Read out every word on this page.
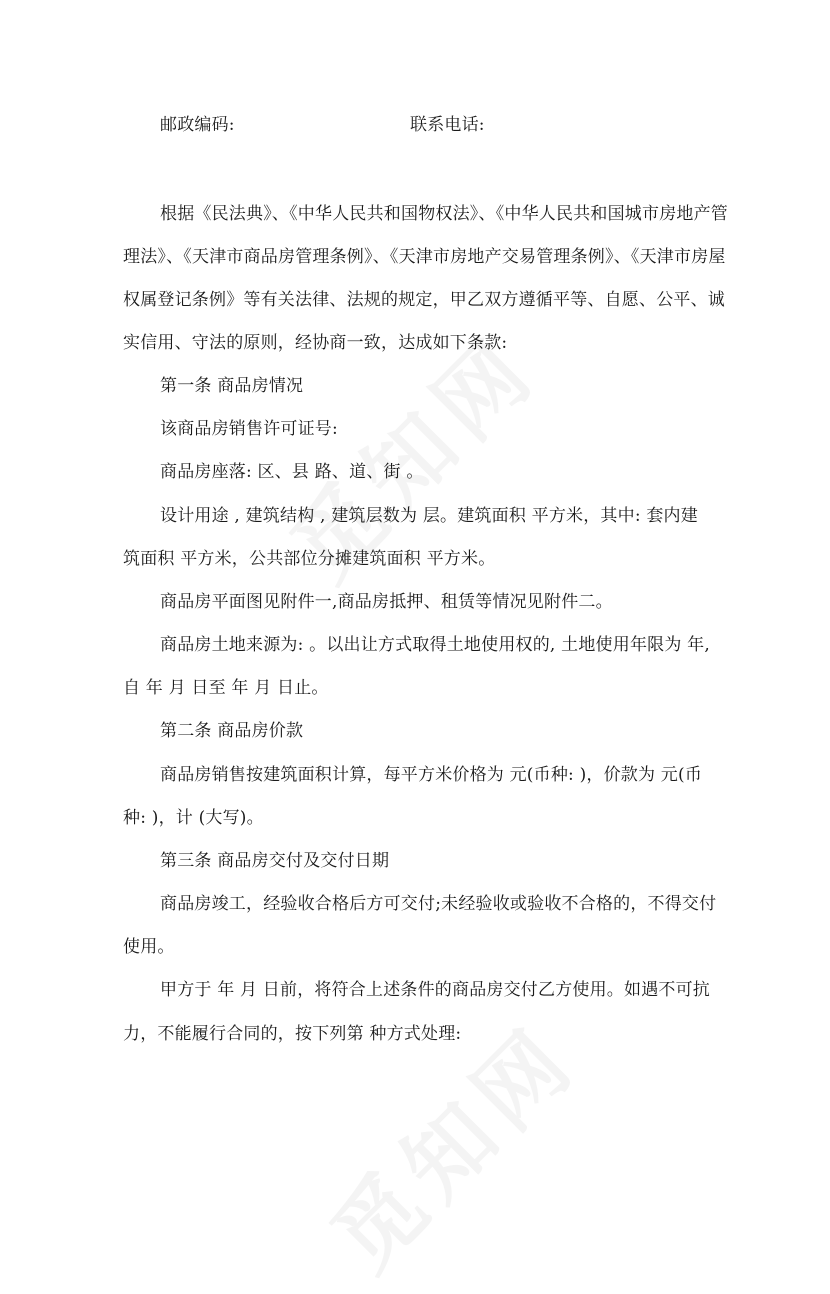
邮政编码:	联系电话:
根据《民法典》、《中华人民共和国物权法》、《中华人民共和国城市房地产管
理法》、《天津市商品房管理条例》、《天津市房地产交易管理条例》、《天津市房屋
权属登记条例》等有关法律、法规的规定，甲乙双方遵循平等、自愿、公平、诚
实信用、守法的原则，经协商一致，达成如下条款:
第一条 商品房情况
该商品房销售许可证号:
商品房座落: 区、县 路、道、街 。
设计用途 , 建筑结构 , 建筑层数为 层。建筑面积 平方米，其中: 套内建
筑面积 平方米，公共部位分摊建筑面积 平方米。
商品房平面图见附件一,商品房抵押、租赁等情况见附件二。
商品房土地来源为: 。以出让方式取得土地使用权的, 土地使用年限为 年,
自 年 月 日至 年 月 日止。
第二条 商品房价款
商品房销售按建筑面积计算，每平方米价格为 元(币种: )，价款为 元(币
种: )，计 (大写)。
第三条 商品房交付及交付日期
商品房竣工，经验收合格后方可交付;未经验收或验收不合格的，不得交付
使用。
甲方于 年 月 日前，将符合上述条件的商品房交付乙方使用。如遇不可抗
力，不能履行合同的，按下列第 种方式处理:
